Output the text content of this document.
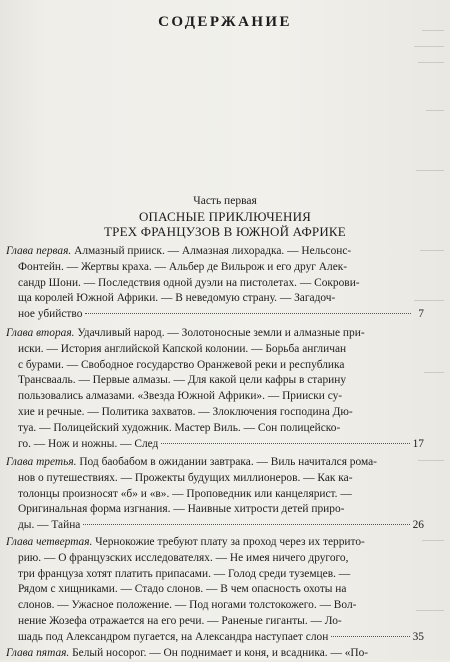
СОДЕРЖАНИЕ
Часть первая
ОПАСНЫЕ ПРИКЛЮЧЕНИЯ
ТРЕХ ФРАНЦУЗОВ В ЮЖНОЙ АФРИКЕ
Глава первая. Алмазный прииск. — Алмазная лихорадка. — Нельсонс-
Фонтейн. — Жертвы краха. — Альбер де Вильрож и его друг Алек-
сандр Шони. — Последствия одной дуэли на пистолетах. — Сокрови-
ща королей Южной Африки. — В неведомую страну. — Загадоч-
ное убийство	7
Глава вторая. Удачливый народ. — Золотоносные земли и алмазные при-
иски. — История английской Капской колонии. — Борьба англичан
с бурами. — Свободное государство Оранжевой реки и республика
Трансвааль. — Первые алмазы. — Для какой цели кафры в старину
пользовались алмазами. «Звезда Южной Африки». — Прииски су-
хие и речные. — Политика захватов. — Злоключения господина Дю-
туа. — Полицейский художник. Мастер Виль. — Сон полицейско-
го. — Нож и ножны. — След	17
Глава третья. Под баобабом в ожидании завтрака. — Виль начитался рома-
нов о путешествиях. — Прожекты будущих миллионеров. — Как ка-
толонцы произносят «б» и «в». — Проповедник или канцелярист. —
Оригинальная форма изгнания. — Наивные хитрости детей приро-
ды. — Тайна	26
Глава четвертая. Чернокожие требуют плату за проход через их террито-
рию. — О французских исследователях. — Не имея ничего другого,
три француза хотят платить припасами. — Голод среди туземцев. —
Рядом с хищниками. — Стадо слонов. — В чем опасность охоты на
слонов. — Ужасное положение. — Под ногами толстокожего. — Вол-
нение Жозефа отражается на его речи. — Раненые гиганты. — Ло-
шадь под Александром пугается, на Александра наступает слон	35
Глава пятая. Белый носорог. — Он поднимает и коня, и всадника. — «По-
